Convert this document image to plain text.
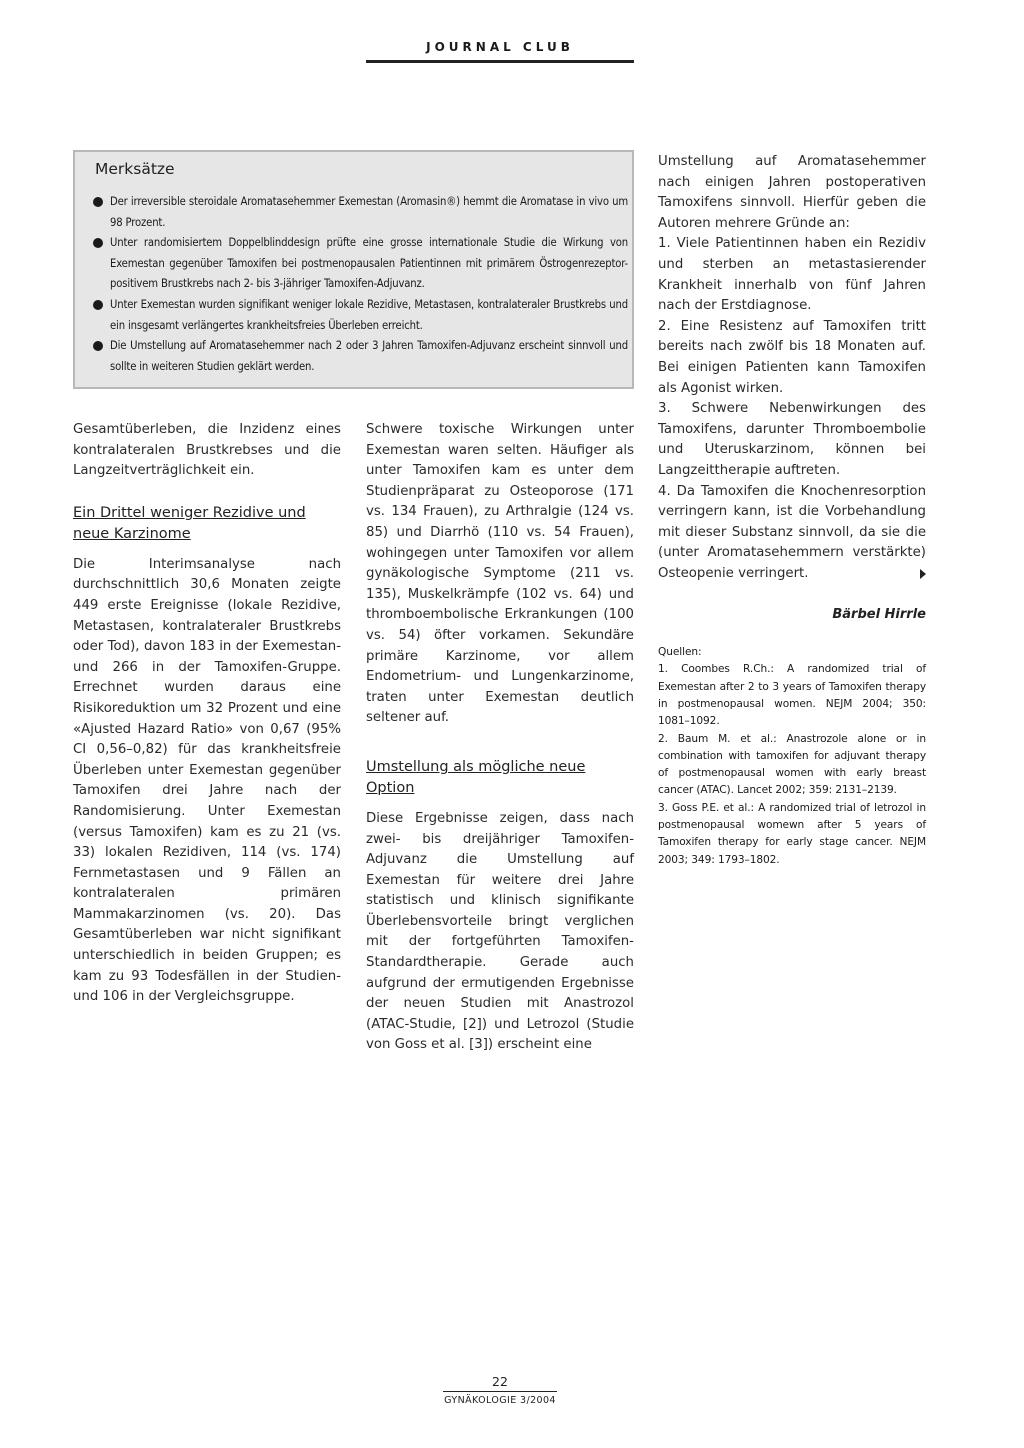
JOURNAL CLUB
Merksätze
Der irreversible steroidale Aromatasehemmer Exemestan (Aromasin®) hemmt die Aromatase in vivo um 98 Prozent.
Unter randomisiertem Doppelblinddesign prüfte eine grosse internationale Studie die Wirkung von Exemestan gegenüber Tamoxifen bei postmenopausalen Patientinnen mit primärem Östrogenrezeptor-positivem Brustkrebs nach 2- bis 3-jähriger Tamoxifen-Adjuvanz.
Unter Exemestan wurden signifikant weniger lokale Rezidive, Metastasen, kontralateraler Brustkrebs und ein insgesamt verlängertes krankheitsfreies Überleben erreicht.
Die Umstellung auf Aromatasehemmer nach 2 oder 3 Jahren Tamoxifen-Adjuvanz erscheint sinnvoll und sollte in weiteren Studien geklärt werden.

Gesamtüberleben, die Inzidenz eines kontralateralen Brustkrebses und die Langzeitverträglichkeit ein.

Ein Drittel weniger Rezidive und neue Karzinome

Die Interimsanalyse nach durchschnittlich 30,6 Monaten zeigte 449 erste Ereignisse (lokale Rezidive, Metastasen, kontralateraler Brustkrebs oder Tod), davon 183 in der Exemestan- und 266 in der Tamoxifen-Gruppe. Errechnet wurden daraus eine Risikoreduktion um 32 Prozent und eine «Ajusted Hazard Ratio» von 0,67 (95% CI 0,56–0,82) für das krankheitsfreie Überleben unter Exemestan gegenüber Tamoxifen drei Jahre nach der Randomisierung. Unter Exemestan (versus Tamoxifen) kam es zu 21 (vs. 33) lokalen Rezidiven, 114 (vs. 174) Fernmetastasen und 9 Fällen an kontralateralen primären Mammakarzinomen (vs. 20). Das Gesamtüberleben war nicht signifikant unterschiedlich in beiden Gruppen; es kam zu 93 Todesfällen in der Studien- und 106 in der Vergleichsgruppe.

Schwere toxische Wirkungen unter Exemestan waren selten. Häufiger als unter Tamoxifen kam es unter dem Studienpräparat zu Osteoporose (171 vs. 134 Frauen), zu Arthralgie (124 vs. 85) und Diarrhö (110 vs. 54 Frauen), wohingegen unter Tamoxifen vor allem gynäkologische Symptome (211 vs. 135), Muskelkrämpfe (102 vs. 64) und thromboembolische Erkrankungen (100 vs. 54) öfter vorkamen. Sekundäre primäre Karzinome, vor allem Endometrium- und Lungenkarzinome, traten unter Exemestan deutlich seltener auf.

Umstellung als mögliche neue Option

Diese Ergebnisse zeigen, dass nach zwei- bis dreijähriger Tamoxifen-Adjuvanz die Umstellung auf Exemestan für weitere drei Jahre statistisch und klinisch signifikante Überlebensvorteile bringt verglichen mit der fortgeführten Tamoxifen-Standardtherapie. Gerade auch aufgrund der ermutigenden Ergebnisse der neuen Studien mit Anastrozol (ATAC-Studie, [2]) und Letrozol (Studie von Goss et al. [3]) erscheint eine

Umstellung auf Aromatasehemmer nach einigen Jahren postoperativen Tamoxifens sinnvoll. Hierfür geben die Autoren mehrere Gründe an:

1. Viele Patientinnen haben ein Rezidiv und sterben an metastasierender Krankheit innerhalb von fünf Jahren nach der Erstdiagnose.

2. Eine Resistenz auf Tamoxifen tritt bereits nach zwölf bis 18 Monaten auf. Bei einigen Patienten kann Tamoxifen als Agonist wirken.

3. Schwere Nebenwirkungen des Tamoxifens, darunter Thromboembolie und Uteruskarzinom, können bei Langzeittherapie auftreten.

4. Da Tamoxifen die Knochenresorption verringern kann, ist die Vorbehandlung mit dieser Substanz sinnvoll, da sie die (unter Aromatasehemmern verstärkte) Osteopenie verringert.

Bärbel Hirrle

Quellen:
1. Coombes R.Ch.: A randomized trial of Exemestan after 2 to 3 years of Tamoxifen therapy in postmenopausal women. NEJM 2004; 350: 1081–1092.
2. Baum M. et al.: Anastrozole alone or in combination with tamoxifen for adjuvant therapy of postmenopausal women with early breast cancer (ATAC). Lancet 2002; 359: 2131–2139.
3. Goss P.E. et al.: A randomized trial of letrozol in postmenopausal womewn after 5 years of Tamoxifen therapy for early stage cancer. NEJM 2003; 349: 1793–1802.
22
GYNÄKOLOGIE 3/2004
